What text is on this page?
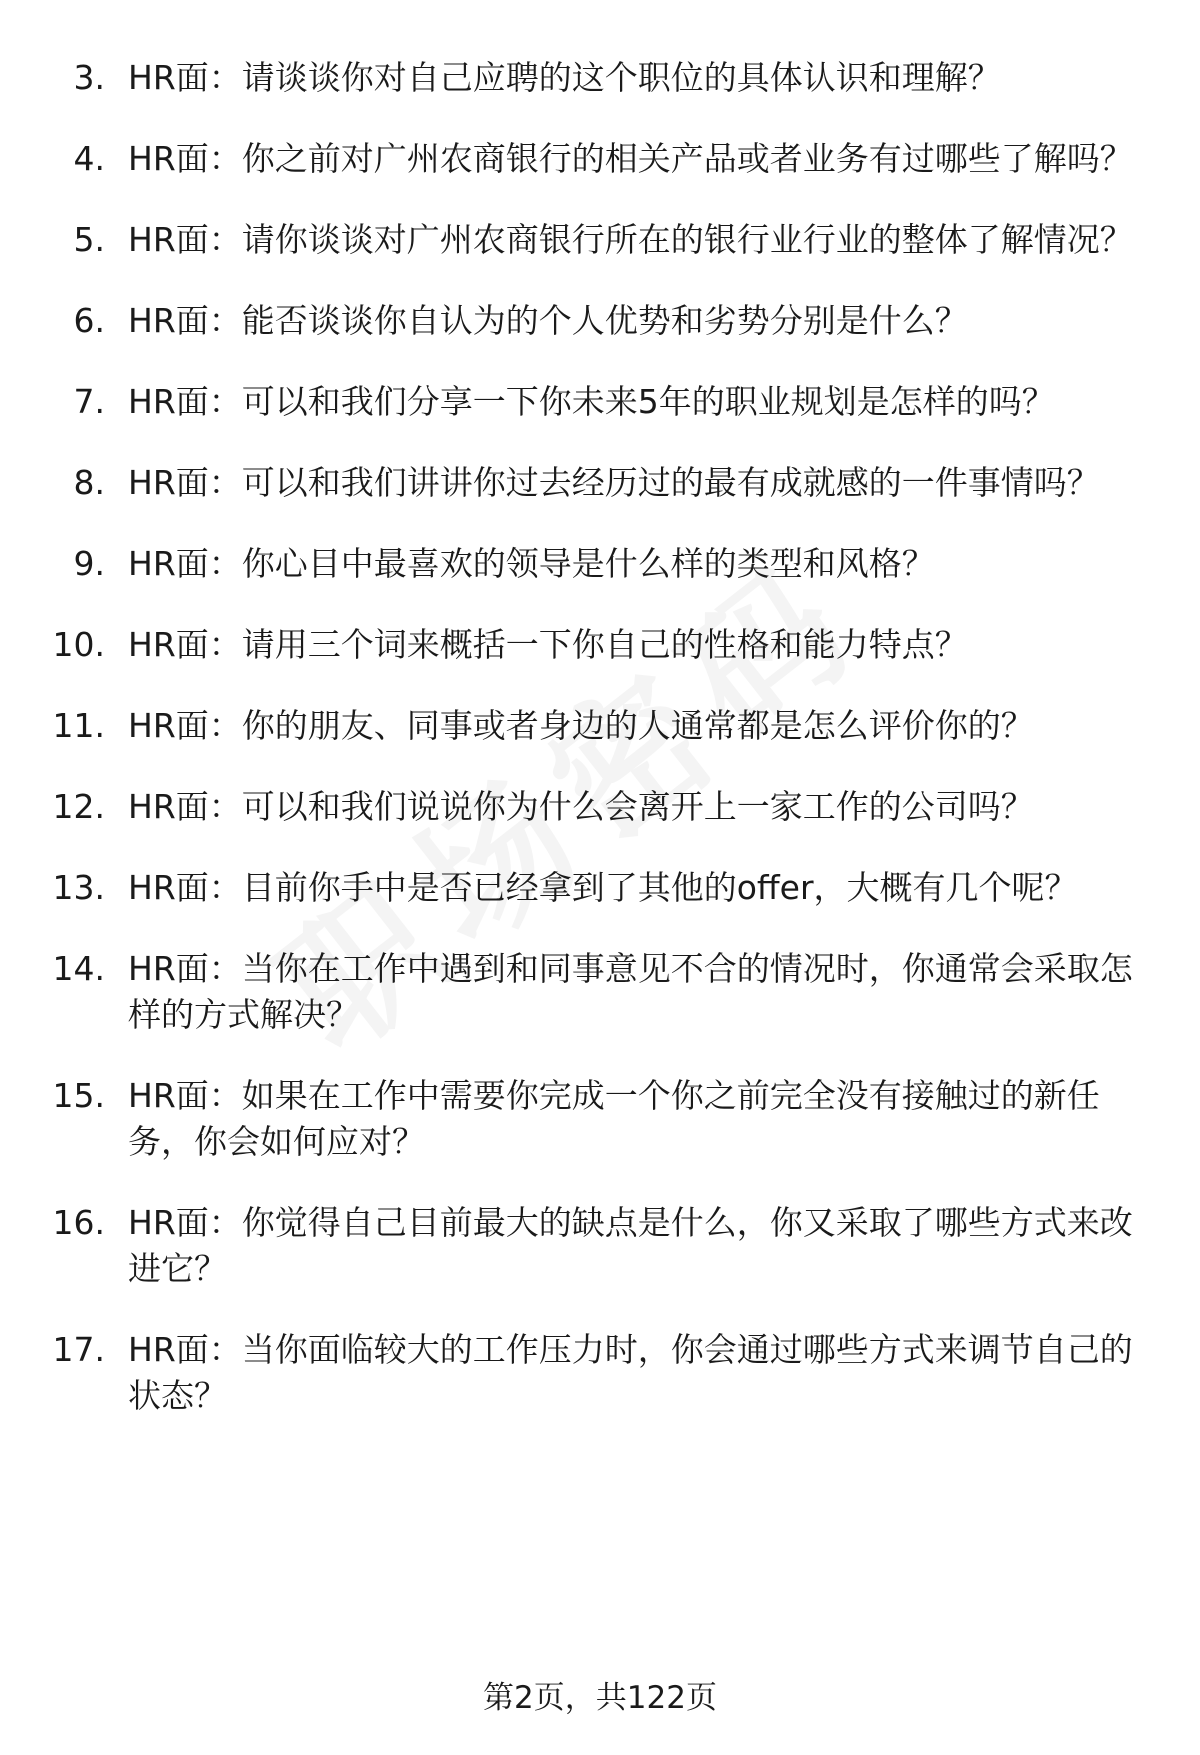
3. HR面：请谈谈你对自己应聘的这个职位的具体认识和理解？
4. HR面：你之前对广州农商银行的相关产品或者业务有过哪些了解吗？
5. HR面：请你谈谈对广州农商银行所在的银行业行业的整体了解情况？
6. HR面：能否谈谈你自认为的个人优势和劣势分别是什么？
7. HR面：可以和我们分享一下你未来5年的职业规划是怎样的吗？
8. HR面：可以和我们讲讲你过去经历过的最有成就感的一件事情吗？
9. HR面：你心目中最喜欢的领导是什么样的类型和风格？
10. HR面：请用三个词来概括一下你自己的性格和能力特点？
11. HR面：你的朋友、同事或者身边的人通常都是怎么评价你的？
12. HR面：可以和我们说说你为什么会离开上一家工作的公司吗？
13. HR面：目前你手中是否已经拿到了其他的offer，大概有几个呢？
14. HR面：当你在工作中遇到和同事意见不合的情况时，你通常会采取怎样的方式解决？
15. HR面：如果在工作中需要你完成一个你之前完全没有接触过的新任务，你会如何应对？
16. HR面：你觉得自己目前最大的缺点是什么，你又采取了哪些方式来改进它？
17. HR面：当你面临较大的工作压力时，你会通过哪些方式来调节自己的状态？
第2页，共122页
